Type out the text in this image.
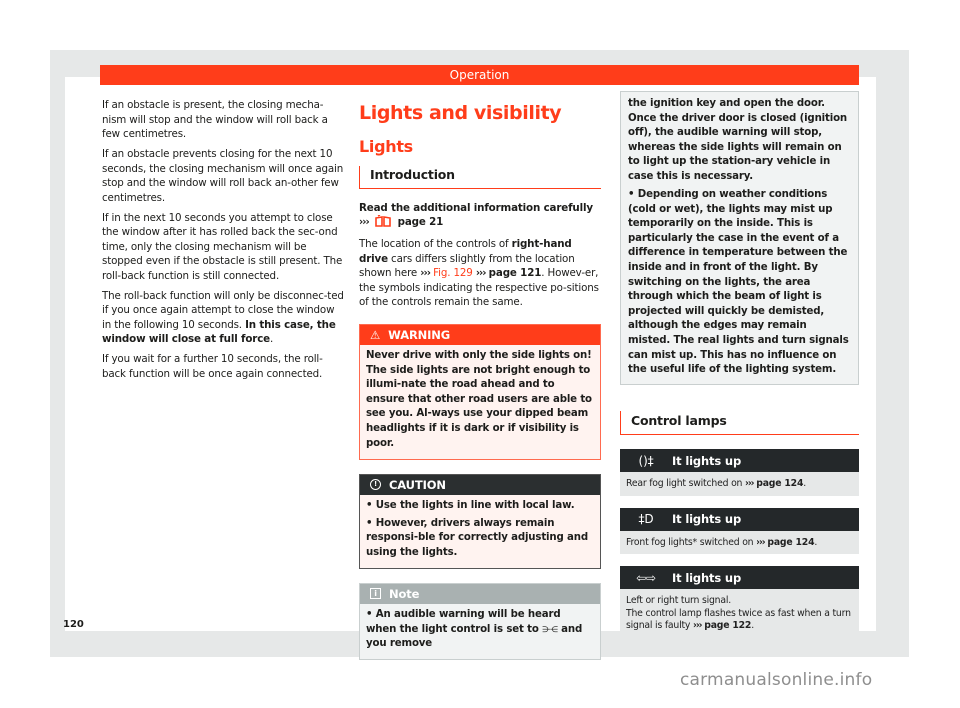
Operation

If an obstacle is present, the closing mecha-nism will stop and the window will roll back a few centimetres.

If an obstacle prevents closing for the next 10 seconds, the closing mechanism will once again stop and the window will roll back an-other few centimetres.

If in the next 10 seconds you attempt to close the window after it has rolled back the sec-ond time, only the closing mechanism will be stopped even if the obstacle is still present. The roll-back function is still connected.

The roll-back function will only be disconnec-ted if you once again attempt to close the window in the following 10 seconds. In this case, the window will close at full force.

If you wait for a further 10 seconds, the roll-back function will be once again connected.

Lights and visibility
Lights
Introduction

Read the additional information carefully
›››	page 21

The location of the controls of right-hand drive cars differs slightly from the location shown here ››› Fig. 129 ››› page 121. Howev-er, the symbols indicating the respective po-sitions of the controls remain the same.

⚠ WARNING

Never drive with only the side lights on! The side lights are not bright enough to illumi-nate the road ahead and to ensure that other road users are able to see you. Al-ways use your dipped beam headlights if it is dark or if visibility is poor.

!	CAUTION

• Use the lights in line with local law.

• However, drivers always remain responsi-ble for correctly adjusting and using the lights.

i	Note

• An audible warning will be heard when the light control is set to ⋺⋲ and you remove

the ignition key and open the door. Once the driver door is closed (ignition off), the audible warning will stop, whereas the side lights will remain on to light up the station-ary vehicle in case this is necessary.

• Depending on weather conditions (cold or wet), the lights may mist up temporarily on the inside. This is particularly the case in the event of a difference in temperature between the inside and in front of the light. By switching on the lights, the area through which the beam of light is projected will quickly be demisted, although the edges may remain misted. The real lights and turn signals can mist up. This has no influence on the useful life of the lighting system.

Control lamps
()‡	It lights up
Rear fog light switched on ››› page 124.
‡D	It lights up
Front fog lights* switched on ››› page 124.
⇦⇨	It lights up
Left or right turn signal.
The control lamp flashes twice as fast when a turn signal is faulty ››› page 122.
120
carmanualsonline.info
